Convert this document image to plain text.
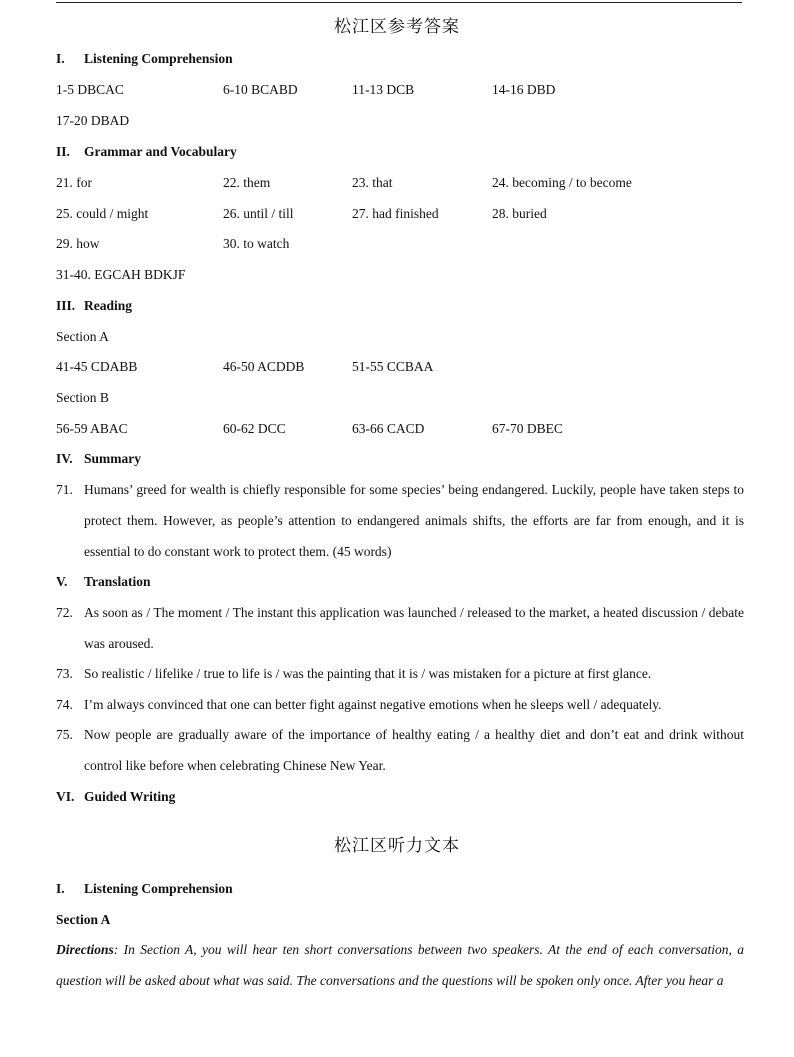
松江区参考答案
I. Listening Comprehension
1-5 DBCAC	6-10 BCABD	11-13 DCB	14-16 DBD
17-20 DBAD
II. Grammar and Vocabulary
21. for	22. them	23. that	24. becoming / to become
25. could / might	26. until / till	27. had finished	28. buried
29. how	30. to watch
31-40. EGCAH BDKJF
III. Reading
Section A
41-45 CDABB	46-50 ACDDB	51-55 CCBAA
Section B
56-59 ABAC	60-62 DCC	63-66 CACD	67-70 DBEC
IV. Summary
71. Humans’ greed for wealth is chiefly responsible for some species’ being endangered. Luckily, people have taken steps to protect them. However, as people’s attention to endangered animals shifts, the efforts are far from enough, and it is essential to do constant work to protect them. (45 words)
V. Translation
72. As soon as / The moment / The instant this application was launched / released to the market, a heated discussion / debate was aroused.
73. So realistic / lifelike / true to life is / was the painting that it is / was mistaken for a picture at first glance.
74. I’m always convinced that one can better fight against negative emotions when he sleeps well / adequately.
75. Now people are gradually aware of the importance of healthy eating / a healthy diet and don’t eat and drink without control like before when celebrating Chinese New Year.
VI. Guided Writing
松江区听力文本
I. Listening Comprehension
Section A
Directions: In Section A, you will hear ten short conversations between two speakers. At the end of each conversation, a question will be asked about what was said. The conversations and the questions will be spoken only once. After you hear a
